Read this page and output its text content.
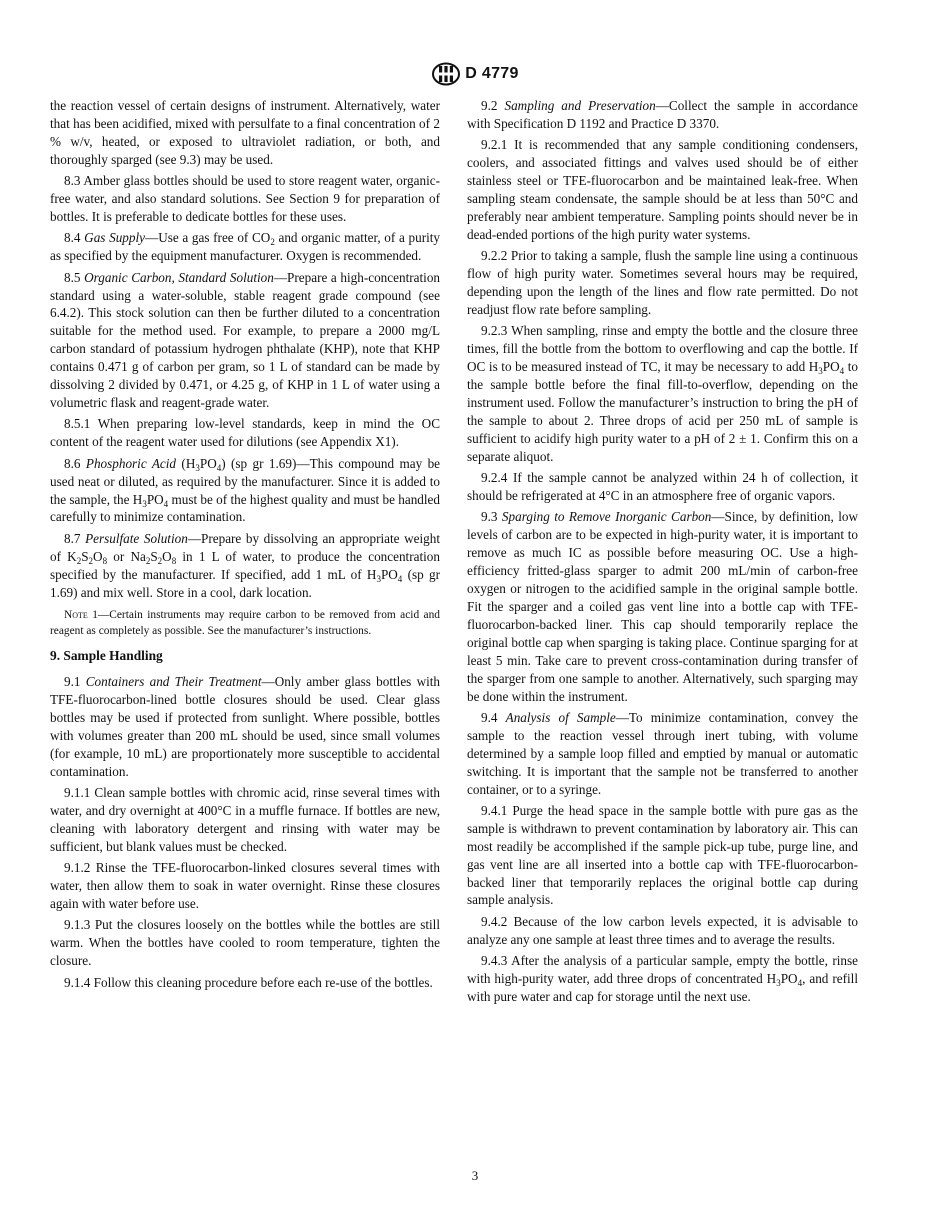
D 4779

the reaction vessel of certain designs of instrument. Alternatively, water that has been acidified, mixed with persulfate to a final concentration of 2 % w/v, heated, or exposed to ultraviolet radiation, or both, and thoroughly sparged (see 9.3) may be used.

8.3 Amber glass bottles should be used to store reagent water, organic-free water, and also standard solutions. See Section 9 for preparation of bottles. It is preferable to dedicate bottles for these uses.

8.4 Gas Supply—Use a gas free of $CO_2$ and organic matter, of a purity as specified by the equipment manufacturer. Oxygen is recommended.

8.5 Organic Carbon, Standard Solution—Prepare a high-concentration standard using a water-soluble, stable reagent grade compound (see 6.4.2). This stock solution can then be further diluted to a concentration suitable for the method used. For example, to prepare a 2000 mg/L carbon standard of potassium hydrogen phthalate (KHP), note that KHP contains 0.471 g of carbon per gram, so 1 L of standard can be made by dissolving 2 divided by 0.471, or 4.25 g, of KHP in 1 L of water using a volumetric flask and reagent-grade water.

8.5.1 When preparing low-level standards, keep in mind the OC content of the reagent water used for dilutions (see Appendix X1).

8.6 Phosphoric Acid $(H_3PO_4)$ (sp gr 1.69)—This compound may be used neat or diluted, as required by the manufacturer. Since it is added to the sample, the $H_3PO_4$ must be of the highest quality and must be handled carefully to minimize contamination.

8.7 Persulfate Solution—Prepare by dissolving an appropriate weight of $K_2S_2O_8$ or $Na_2S_2O_8$ in 1 L of water, to produce the concentration specified by the manufacturer. If specified, add 1 mL of $H_3PO_4$ (sp gr 1.69) and mix well. Store in a cool, dark location.

Note 1—Certain instruments may require carbon to be removed from acid and reagent as completely as possible. See the manufacturer’s instructions.

9. Sample Handling

9.1 Containers and Their Treatment—Only amber glass bottles with TFE-fluorocarbon-lined bottle closures should be used. Clear glass bottles may be used if protected from sunlight. Where possible, bottles with volumes greater than 200 mL should be used, since small volumes (for example, 10 mL) are proportionately more susceptible to accidental contamination.

9.1.1 Clean sample bottles with chromic acid, rinse several times with water, and dry overnight at 400°C in a muffle furnace. If bottles are new, cleaning with laboratory detergent and rinsing with water may be sufficient, but blank values must be checked.

9.1.2 Rinse the TFE-fluorocarbon-linked closures several times with water, then allow them to soak in water overnight. Rinse these closures again with water before use.

9.1.3 Put the closures loosely on the bottles while the bottles are still warm. When the bottles have cooled to room temperature, tighten the closure.

9.1.4 Follow this cleaning procedure before each re-use of the bottles.

9.2 Sampling and Preservation—Collect the sample in accordance with Specification D 1192 and Practice D 3370.

9.2.1 It is recommended that any sample conditioning condensers, coolers, and associated fittings and valves used should be of either stainless steel or TFE-fluorocarbon and be maintained leak-free. When sampling steam condensate, the sample should be at less than 50°C and preferably near ambient temperature. Sampling points should never be in dead-ended portions of the high purity water systems.

9.2.2 Prior to taking a sample, flush the sample line using a continuous flow of high purity water. Sometimes several hours may be required, depending upon the length of the lines and flow rate permitted. Do not readjust flow rate before sampling.

9.2.3 When sampling, rinse and empty the bottle and the closure three times, fill the bottle from the bottom to overflowing and cap the bottle. If OC is to be measured instead of TC, it may be necessary to add $H_3PO_4$ to the sample bottle before the final fill-to-overflow, depending on the instrument used. Follow the manufacturer’s instruction to bring the pH of the sample to about 2. Three drops of acid per 250 mL of sample is sufficient to acidify high purity water to a pH of 2 ± 1. Confirm this on a separate aliquot.

9.2.4 If the sample cannot be analyzed within 24 h of collection, it should be refrigerated at 4°C in an atmosphere free of organic vapors.

9.3 Sparging to Remove Inorganic Carbon—Since, by definition, low levels of carbon are to be expected in high-purity water, it is important to remove as much IC as possible before measuring OC. Use a high-efficiency fritted-glass sparger to admit 200 mL/min of carbon-free oxygen or nitrogen to the acidified sample in the original sample bottle. Fit the sparger and a coiled gas vent line into a bottle cap with TFE-fluorocarbon-backed liner. This cap should temporarily replace the original bottle cap when sparging is taking place. Continue sparging for at least 5 min. Take care to prevent cross-contamination during transfer of the sparger from one sample to another. Alternatively, such sparging may be done within the instrument.

9.4 Analysis of Sample—To minimize contamination, convey the sample to the reaction vessel through inert tubing, with volume determined by a sample loop filled and emptied by manual or automatic switching. It is important that the sample not be transferred to another container, or to a syringe.

9.4.1 Purge the head space in the sample bottle with pure gas as the sample is withdrawn to prevent contamination by laboratory air. This can most readily be accomplished if the sample pick-up tube, purge line, and gas vent line are all inserted into a bottle cap with TFE-fluorocarbon-backed liner that temporarily replaces the original bottle cap during sample analysis.

9.4.2 Because of the low carbon levels expected, it is advisable to analyze any one sample at least three times and to average the results.

9.4.3 After the analysis of a particular sample, empty the bottle, rinse with high-purity water, add three drops of concentrated $H_3PO_4$, and refill with pure water and cap for storage until the next use.

3
